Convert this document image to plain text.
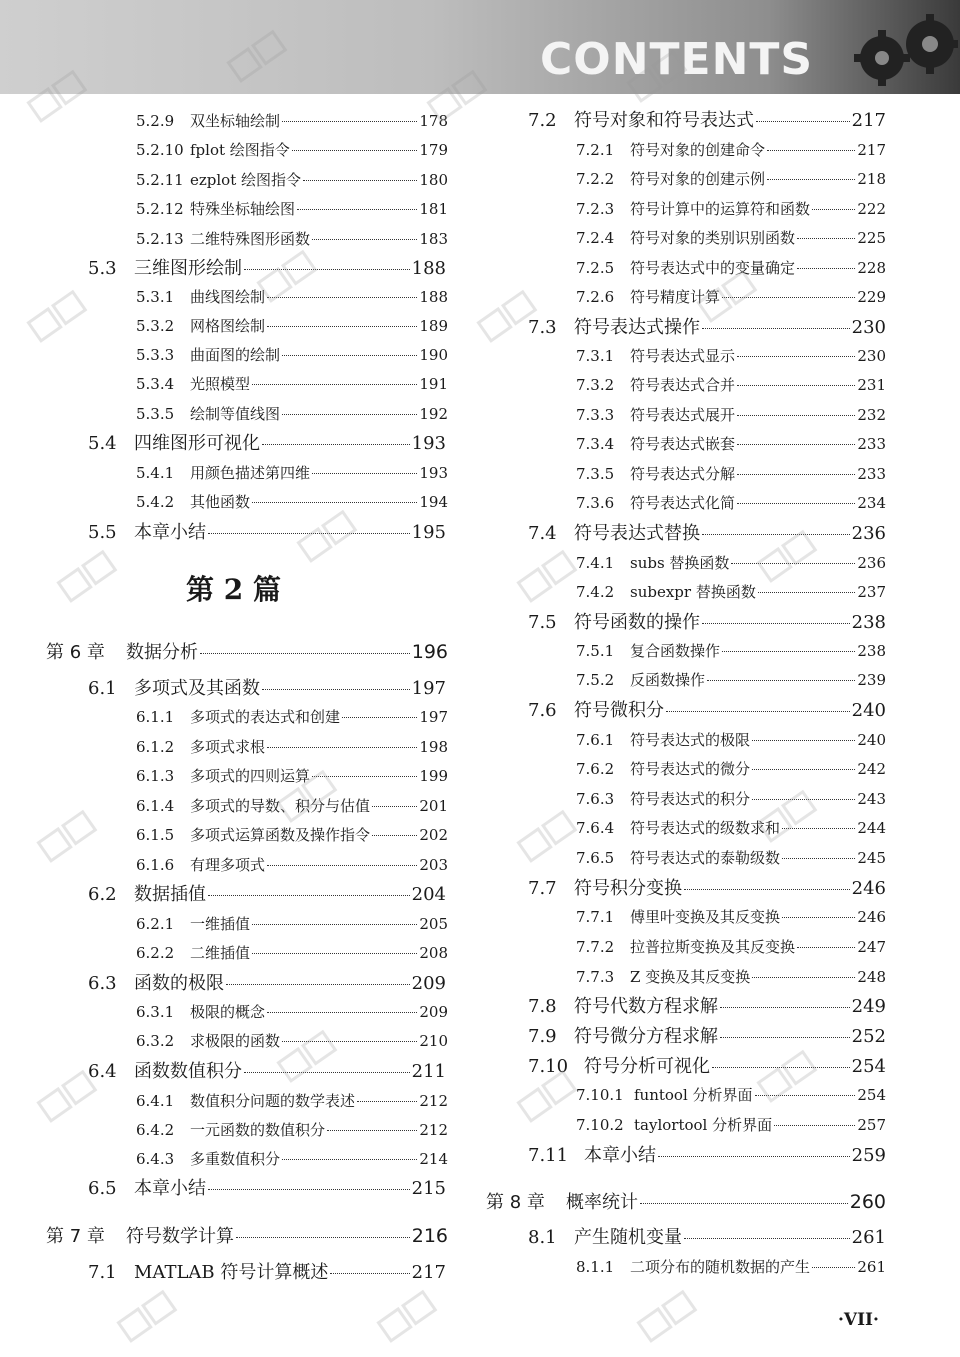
CONTENTS
5.2.9	双坐标轴绘制	178
5.2.10 fplot 绘图指令	179
5.2.11 ezplot 绘图指令	180
5.2.12 特殊坐标轴绘图	181
5.2.13 二维特殊图形函数	183
5.3 三维图形绘制	188
5.3.1	曲线图绘制	188
5.3.2	网格图绘制	189
5.3.3	曲面图的绘制	190
5.3.4	光照模型	191
5.3.5	绘制等值线图	192
5.4 四维图形可视化	193
5.4.1	用颜色描述第四维	193
5.4.2	其他函数	194
5.5 本章小结	195
第 6 章	数据分析	196
6.1 多项式及其函数	197
6.1.1	多项式的表达式和创建	197
6.1.2	多项式求根	198
6.1.3	多项式的四则运算	199
6.1.4	多项式的导数、积分与估值	201
6.1.5	多项式运算函数及操作指令	202
6.1.6	有理多项式	203
6.2 数据插值	204
6.2.1	一维插值	205
6.2.2	二维插值	208
6.3 函数的极限	209
6.3.1	极限的概念	209
6.3.2	求极限的函数	210
6.4 函数数值积分	211
6.4.1	数值积分问题的数学表述	212
6.4.2	一元函数的数值积分	212
6.4.3	多重数值积分	214
6.5 本章小结	215
第 7 章	符号数学计算	216
7.1 MATLAB 符号计算概述	217
7.2 符号对象和符号表达式	217
7.2.1	符号对象的创建命令	217
7.2.2	符号对象的创建示例	218
7.2.3	符号计算中的运算符和函数	222
7.2.4	符号对象的类别识别函数	225
7.2.5	符号表达式中的变量确定	228
7.2.6	符号精度计算	229
7.3 符号表达式操作	230
7.3.1	符号表达式显示	230
7.3.2	符号表达式合并	231
7.3.3	符号表达式展开	232
7.3.4	符号表达式嵌套	233
7.3.5	符号表达式分解	233
7.3.6	符号表达式化简	234
7.4 符号表达式替换	236
7.4.1	subs 替换函数	236
7.4.2	subexpr 替换函数	237
7.5 符号函数的操作	238
7.5.1	复合函数操作	238
7.5.2	反函数操作	239
7.6 符号微积分	240
7.6.1	符号表达式的极限	240
7.6.2	符号表达式的微分	242
7.6.3	符号表达式的积分	243
7.6.4	符号表达式的级数求和	244
7.6.5	符号表达式的泰勒级数	245
7.7 符号积分变换	246
7.7.1	傅里叶变换及其反变换	246
7.7.2	拉普拉斯变换及其反变换	247
7.7.3	Z 变换及其反变换	248
7.8 符号代数方程求解	249
7.9 符号微分方程求解	252
7.10 符号分析可视化	254
7.10.1 funtool 分析界面	254
7.10.2 taylortool 分析界面	257
7.11 本章小结	259
第 8 章	概率统计	260
8.1 产生随机变量	261
8.1.1	二项分布的随机数据的产生	261
第 2 篇
·VII·
